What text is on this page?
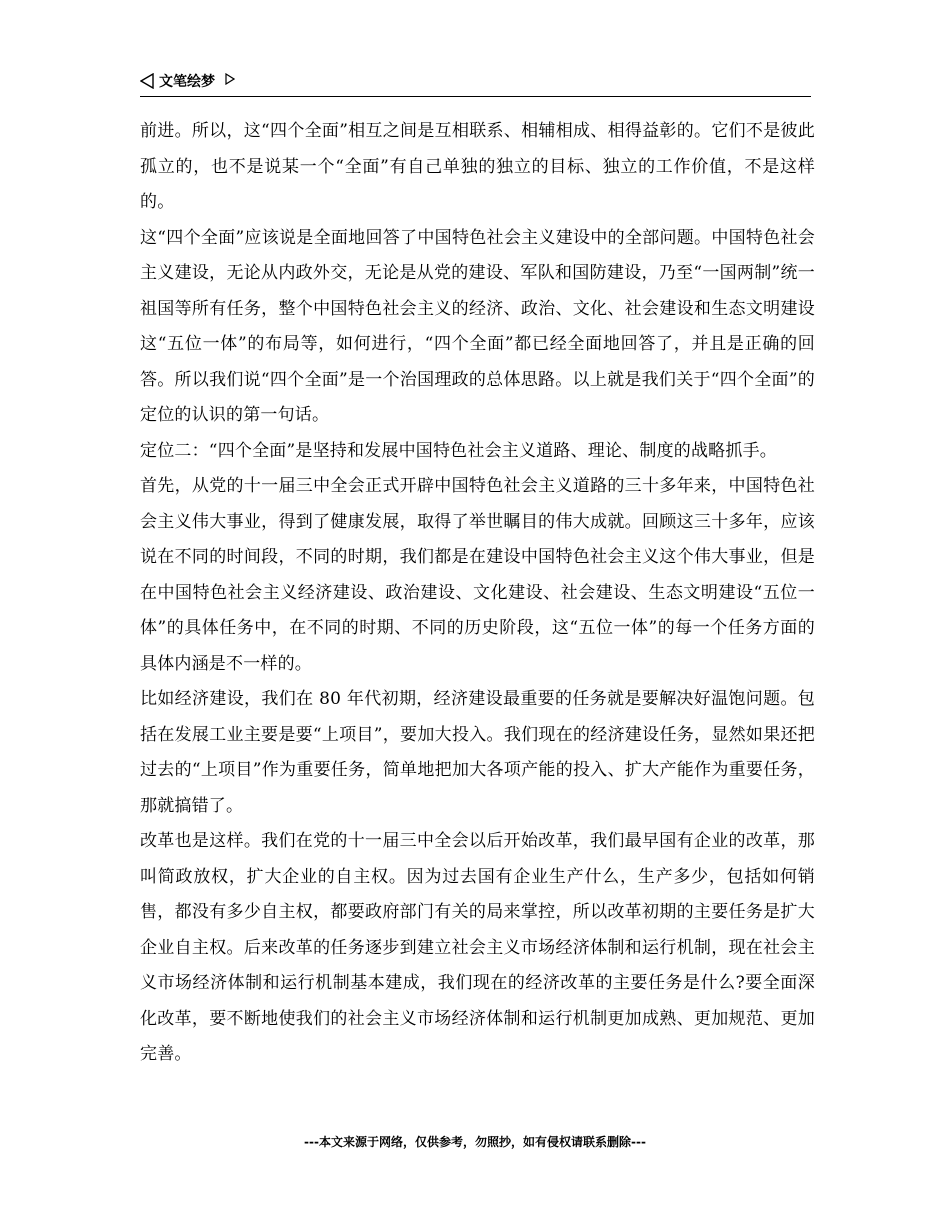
文笔绘梦

前进。所以，这“四个全面”相互之间是互相联系、相辅相成、相得益彰的。它们不是彼此孤立的，也不是说某一个“全面”有自己单独的独立的目标、独立的工作价值，不是这样的。

这“四个全面”应该说是全面地回答了中国特色社会主义建设中的全部问题。中国特色社会主义建设，无论从内政外交，无论是从党的建设、军队和国防建设，乃至“一国两制”统一祖国等所有任务，整个中国特色社会主义的经济、政治、文化、社会建设和生态文明建设这“五位一体”的布局等，如何进行，“四个全面”都已经全面地回答了，并且是正确的回答。所以我们说“四个全面”是一个治国理政的总体思路。以上就是我们关于“四个全面”的定位的认识的第一句话。

定位二：“四个全面”是坚持和发展中国特色社会主义道路、理论、制度的战略抓手。

首先，从党的十一届三中全会正式开辟中国特色社会主义道路的三十多年来，中国特色社会主义伟大事业，得到了健康发展，取得了举世瞩目的伟大成就。回顾这三十多年，应该说在不同的时间段，不同的时期，我们都是在建设中国特色社会主义这个伟大事业，但是在中国特色社会主义经济建设、政治建设、文化建设、社会建设、生态文明建设“五位一体”的具体任务中，在不同的时期、不同的历史阶段，这“五位一体”的每一个任务方面的具体内涵是不一样的。

比如经济建设，我们在 80 年代初期，经济建设最重要的任务就是要解决好温饱问题。包括在发展工业主要是要“上项目”，要加大投入。我们现在的经济建设任务，显然如果还把过去的“上项目”作为重要任务，简单地把加大各项产能的投入、扩大产能作为重要任务，那就搞错了。

改革也是这样。我们在党的十一届三中全会以后开始改革，我们最早国有企业的改革，那叫简政放权，扩大企业的自主权。因为过去国有企业生产什么，生产多少，包括如何销售，都没有多少自主权，都要政府部门有关的局来掌控，所以改革初期的主要任务是扩大企业自主权。后来改革的任务逐步到建立社会主义市场经济体制和运行机制，现在社会主义市场经济体制和运行机制基本建成，我们现在的经济改革的主要任务是什么?要全面深化改革，要不断地使我们的社会主义市场经济体制和运行机制更加成熟、更加规范、更加完善。

---本文来源于网络，仅供参考，勿照抄，如有侵权请联系删除---
